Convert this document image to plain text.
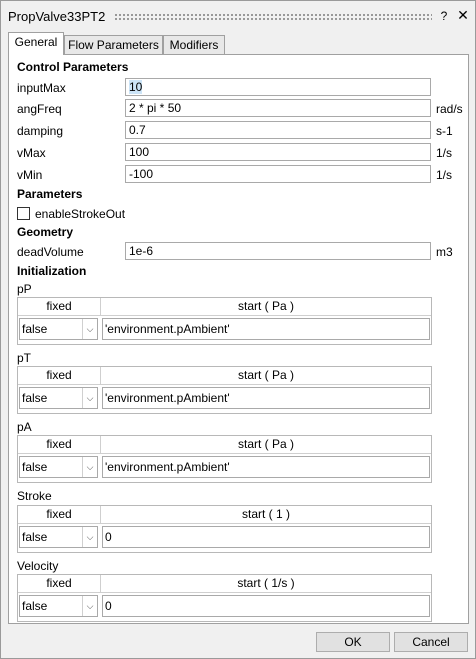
PropValve33PT2	? ✕
General Flow Parameters Modifiers
Control Parameters
inputMax	10
angFreq	2 * pi * 50	rad/s
damping	0.7	s-1
vMax	100	1/s
vMin	-100	1/s
Parameters
enableStrokeOut
Geometry
deadVolume	1e-6	m3
Initialization
pP
fixed	start ( Pa )
false	⌵ 'environment.pAmbient'
pT
fixed	start ( Pa )
false	⌵ 'environment.pAmbient'
pA
fixed	start ( Pa )
false	⌵ 'environment.pAmbient'
Stroke
fixed	start ( 1 )
false	⌵ 0
Velocity
fixed	start ( 1/s )
false	⌵ 0
OK	Cancel
